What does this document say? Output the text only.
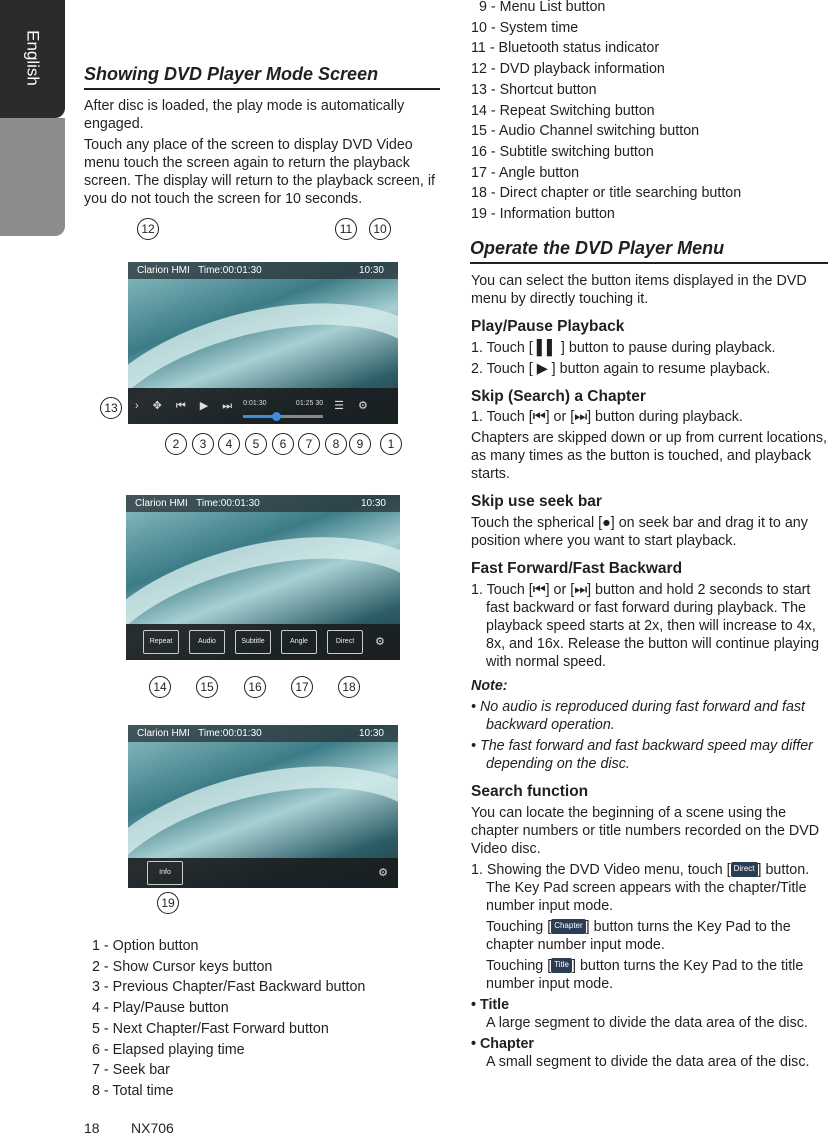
English
Owner's Manual
Showing DVD Player Mode Screen

After disc is loaded, the play mode is automatically engaged.

Touch any place of the screen to display DVD Video menu touch the screen again to return the playback screen. The display will return to the playback screen, if you do not touch the screen for 10 seconds.

Clarion HMI
Time:00:01:30	10:30
› ✥ ⏮ ▶ ⏭ 0:01:30	01:25 30 ☰ ⚙
12	11	10
13
2	3	4	5	6	7	8	9	1
Clarion HMI
Time:00:01:30	10:30
Repeat	Audio	Subtitle	Angle	Direct	⚙
14	15	16	17	18
Clarion HMI
Time:00:01:30	10:30
Info	⚙
19
1 - Option button
2 - Show Cursor keys button
3 - Previous Chapter/Fast Backward button
4 - Play/Pause button
5 - Next Chapter/Fast Forward button
6 - Elapsed playing time
7 - Seek bar
8 - Total time
9 - Menu List button
10 - System time
11 - Bluetooth status indicator
12 - DVD playback information
13 - Shortcut button
14 - Repeat Switching button
15 - Audio Channel switching button
16 - Subtitle switching button
17 - Angle button
18 - Direct chapter or title searching button
19 - Information button
Operate the DVD Player Menu

You can select the button items displayed in the DVD menu by directly touching it.

Play/Pause Playback

1. Touch [ ▌▌ ] button to pause during playback.

2. Touch [ ▶ ] button again to resume playback.

Skip (Search) a Chapter

1. Touch [⏮] or [⏭] button during playback.

Chapters are skipped down or up from current locations, as many times as the button is touched, and playback starts.

Skip use seek bar

Touch the spherical [●] on seek bar and drag it to any position where you want to start playback.

Fast Forward/Fast Backward

1. Touch [⏮] or [⏭] button and hold 2 seconds to start fast backward or fast forward during playback. The playback speed starts at 2x, then will increase to 4x, 8x, and 16x. Release the button will continue playing with normal speed.

Note:

• No audio is reproduced during fast forward and fast backward operation.

• The fast forward and fast backward speed may differ depending on the disc.

Search function

You can locate the beginning of a scene using the chapter numbers or title numbers recorded on the DVD Video disc.

1. Showing the DVD Video menu, touch [ Direct ] button. The Key Pad screen appears with the chapter/Title number input mode.

Touching [ Chapter ] button turns the Key Pad to the chapter number input mode.

Touching [ Title ] button turns the Key Pad to the title number input mode.

• Title

A large segment to divide the data area of the disc.

• Chapter

A small segment to divide the data area of the disc.

18 NX706
